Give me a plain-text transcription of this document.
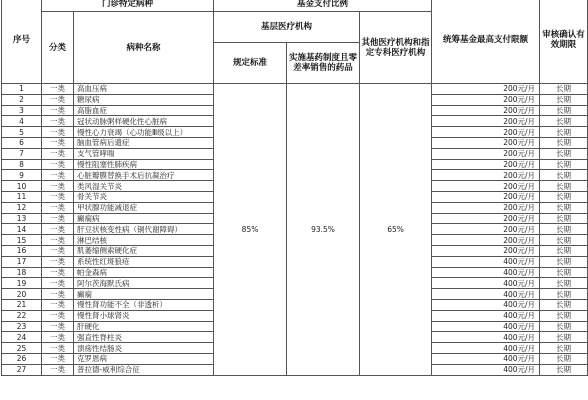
序号	门诊特定病种		基金支付比例			统筹基金最高支付限额	审核确认有效期限
	分类	病种名称	基层医疗机构		其他医疗机构和指定专科医疗机构		
			规定标准	实施基药制度且零差率销售的药品			
1	一类	高血压病	85%	93.5%	65%	200元/月	长期
2	一类	糖尿病				200元/月	长期
3	一类	高脂血症				200元/月	长期
4	一类	冠状动脉粥样硬化性心脏病				200元/月	长期
5	一类	慢性心力衰竭（心功能Ⅲ级以上）				200元/月	长期
6	一类	脑血管病后遗症				200元/月	长期
7	一类	支气管哮喘				200元/月	长期
8	一类	慢性阻塞性肺疾病				200元/月	长期
9	一类	心脏瓣膜替换手术后抗凝治疗				200元/月	长期
10	一类	类风湿关节炎				200元/月	长期
11	一类	骨关节炎				200元/月	长期
12	一类	甲状腺功能减退症				200元/月	长期
13	一类	癫痫病				200元/月	长期
14	一类	肝豆状核变性病（铜代谢障碍）				200元/月	长期
15	一类	淋巴结核				200元/月	长期
16	一类	肌萎缩侧索硬化症				200元/月	长期
17	一类	系统性红斑狼疮				400元/月	长期
18	一类	帕金森病				400元/月	长期
19	一类	阿尔茨海默氏病				400元/月	长期
20	一类	癫痫				400元/月	长期
21	一类	慢性肾功能不全（非透析）				400元/月	长期
22	一类	慢性肾小球肾炎				400元/月	长期
23	一类	肝硬化				400元/月	长期
24	一类	强直性脊柱炎				400元/月	长期
25	一类	溃疡性结肠炎				400元/月	长期
26	一类	克罗恩病				400元/月	长期
27	一类	普拉德-威利综合征				400元/月	长期
